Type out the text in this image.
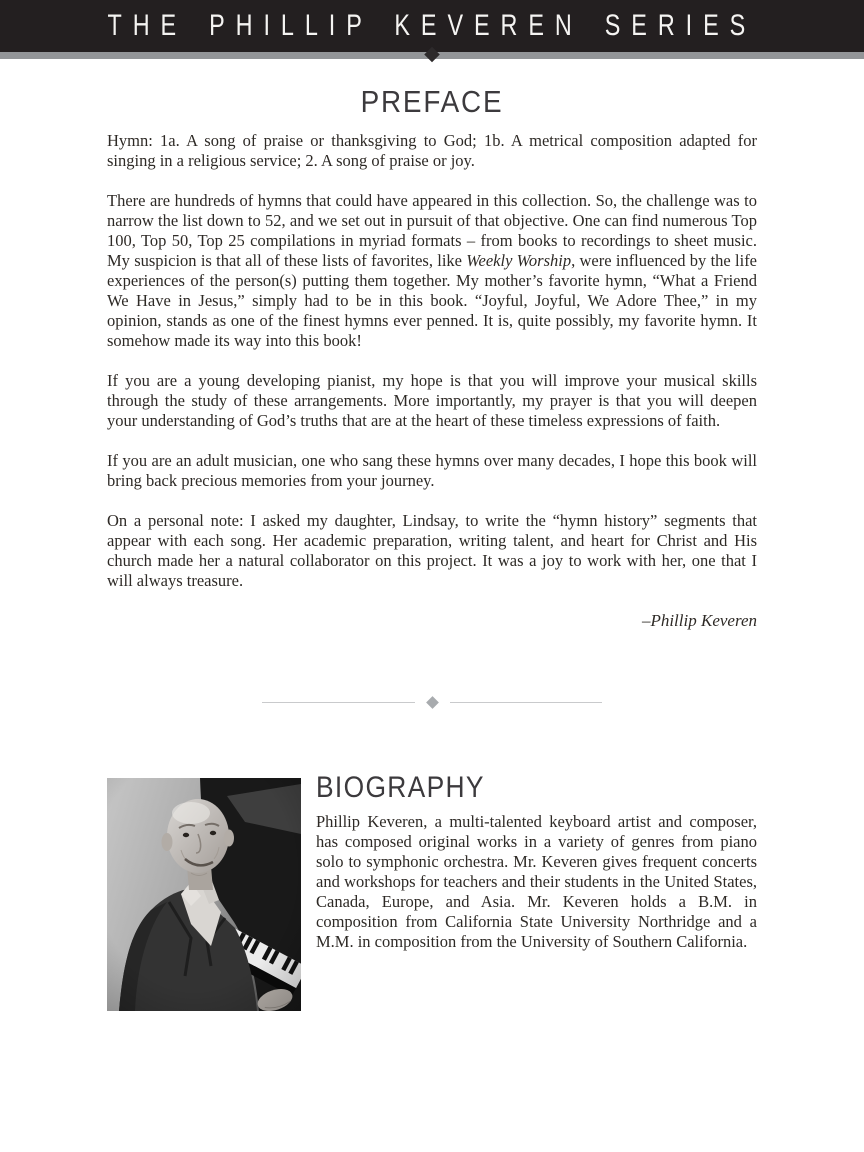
THE PHILLIP KEVEREN SERIES
PREFACE

Hymn: 1a. A song of praise or thanksgiving to God; 1b. A metrical composition adapted for singing in a religious service; 2. A song of praise or joy.

There are hundreds of hymns that could have appeared in this collection. So, the challenge was to narrow the list down to 52, and we set out in pursuit of that objective. One can find numerous Top 100, Top 50, Top 25 compilations in myriad formats – from books to recordings to sheet music. My suspicion is that all of these lists of favorites, like Weekly Worship, were influenced by the life experiences of the person(s) putting them together. My mother’s favorite hymn, “What a Friend We Have in Jesus,” simply had to be in this book. “Joyful, Joyful, We Adore Thee,” in my opinion, stands as one of the finest hymns ever penned. It is, quite possibly, my favorite hymn. It somehow made its way into this book!

If you are a young developing pianist, my hope is that you will improve your musical skills through the study of these arrangements. More importantly, my prayer is that you will deepen your understanding of God’s truths that are at the heart of these timeless expressions of faith.

If you are an adult musician, one who sang these hymns over many decades, I hope this book will bring back precious memories from your journey.

On a personal note: I asked my daughter, Lindsay, to write the “hymn history” segments that appear with each song. Her academic preparation, writing talent, and heart for Christ and His church made her a natural collaborator on this project. It was a joy to work with her, one that I will always treasure.

–Phillip Keveren

BIOGRAPHY

Phillip Keveren, a multi-talented keyboard artist and composer, has composed original works in a variety of genres from piano solo to symphonic orchestra. Mr. Keveren gives frequent concerts and workshops for teachers and their students in the United States, Canada, Europe, and Asia. Mr. Keveren holds a B.M. in composition from California State University Northridge and a M.M. in composition from the University of Southern California.
